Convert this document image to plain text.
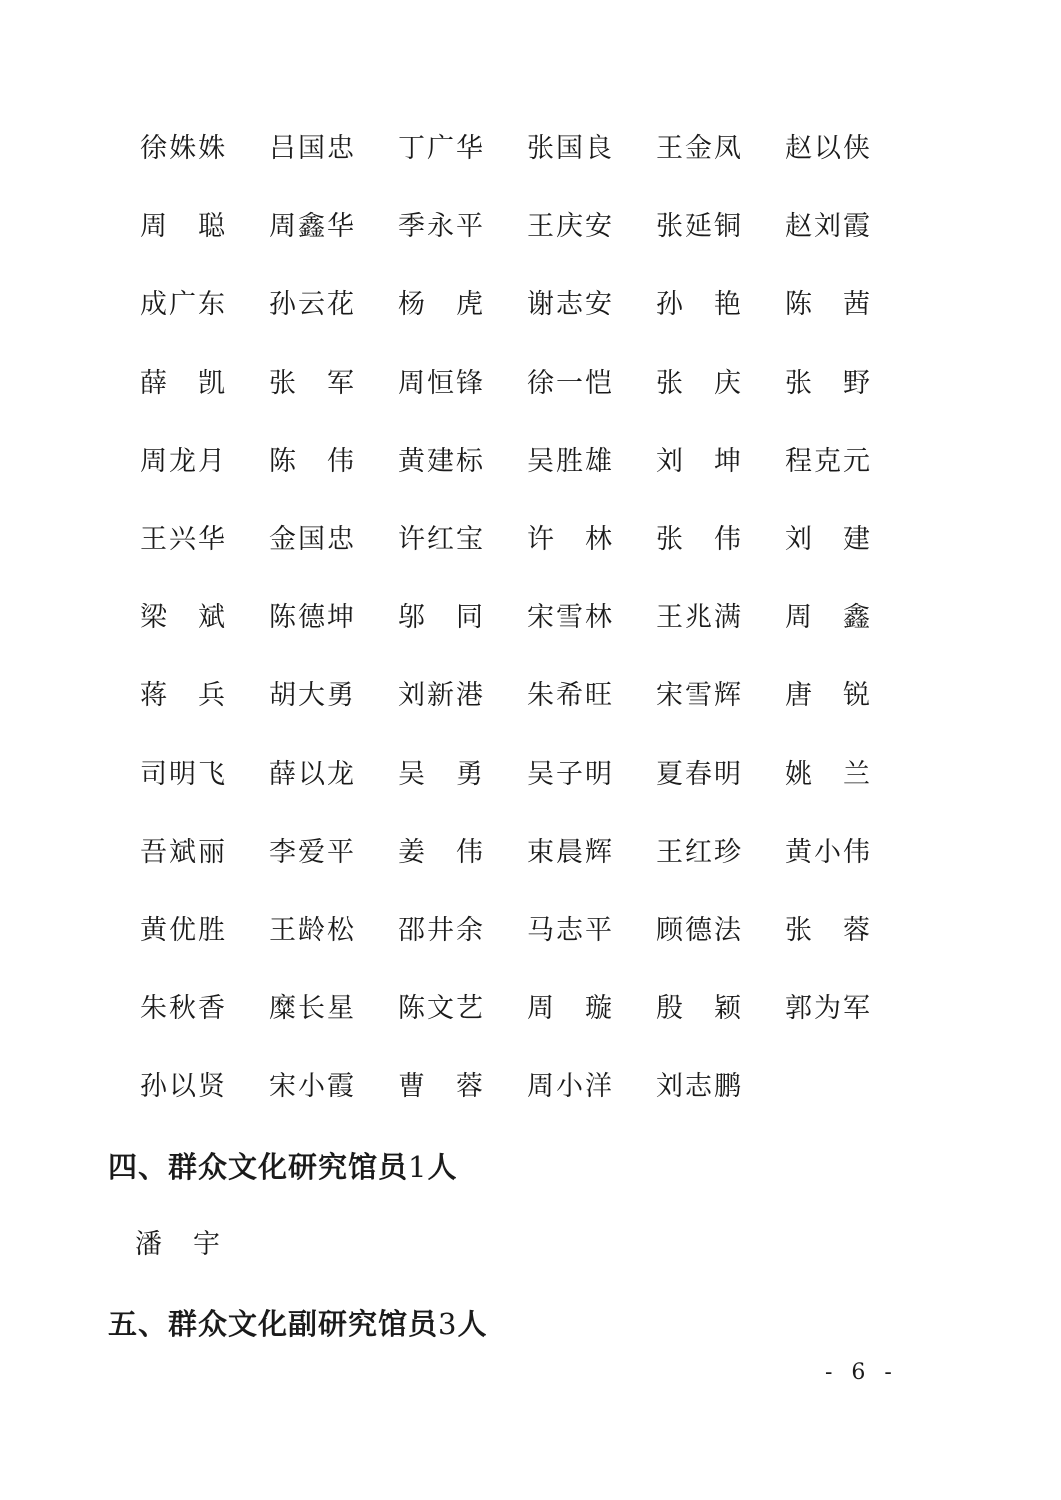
徐姝姝	吕国忠	丁广华	张国良	王金凤	赵以侠
周　聪	周鑫华	季永平	王庆安	张延铜	赵刘霞
成广东	孙云花	杨　虎	谢志安	孙　艳	陈　茜
薛　凯	张　军	周恒锋	徐一恺	张　庆	张　野
周龙月	陈　伟	黄建标	吴胜雄	刘　坤	程克元
王兴华	金国忠	许红宝	许　林	张　伟	刘　建
梁　斌	陈德坤	邬　同	宋雪林	王兆满	周　鑫
蒋　兵	胡大勇	刘新港	朱希旺	宋雪辉	唐　锐
司明飞	薛以龙	吴　勇	吴子明	夏春明	姚　兰
吾斌丽	李爱平	姜　伟	束晨辉	王红珍	黄小伟
黄优胜	王龄松	邵井余	马志平	顾德法	张　蓉
朱秋香	糜长星	陈文艺	周　璇	殷　颖	郭为军
孙以贤	宋小霞	曹　蓉	周小洋	刘志鹏
四、群众文化研究馆员1人
潘　宇
五、群众文化副研究馆员3人
- 6 -
